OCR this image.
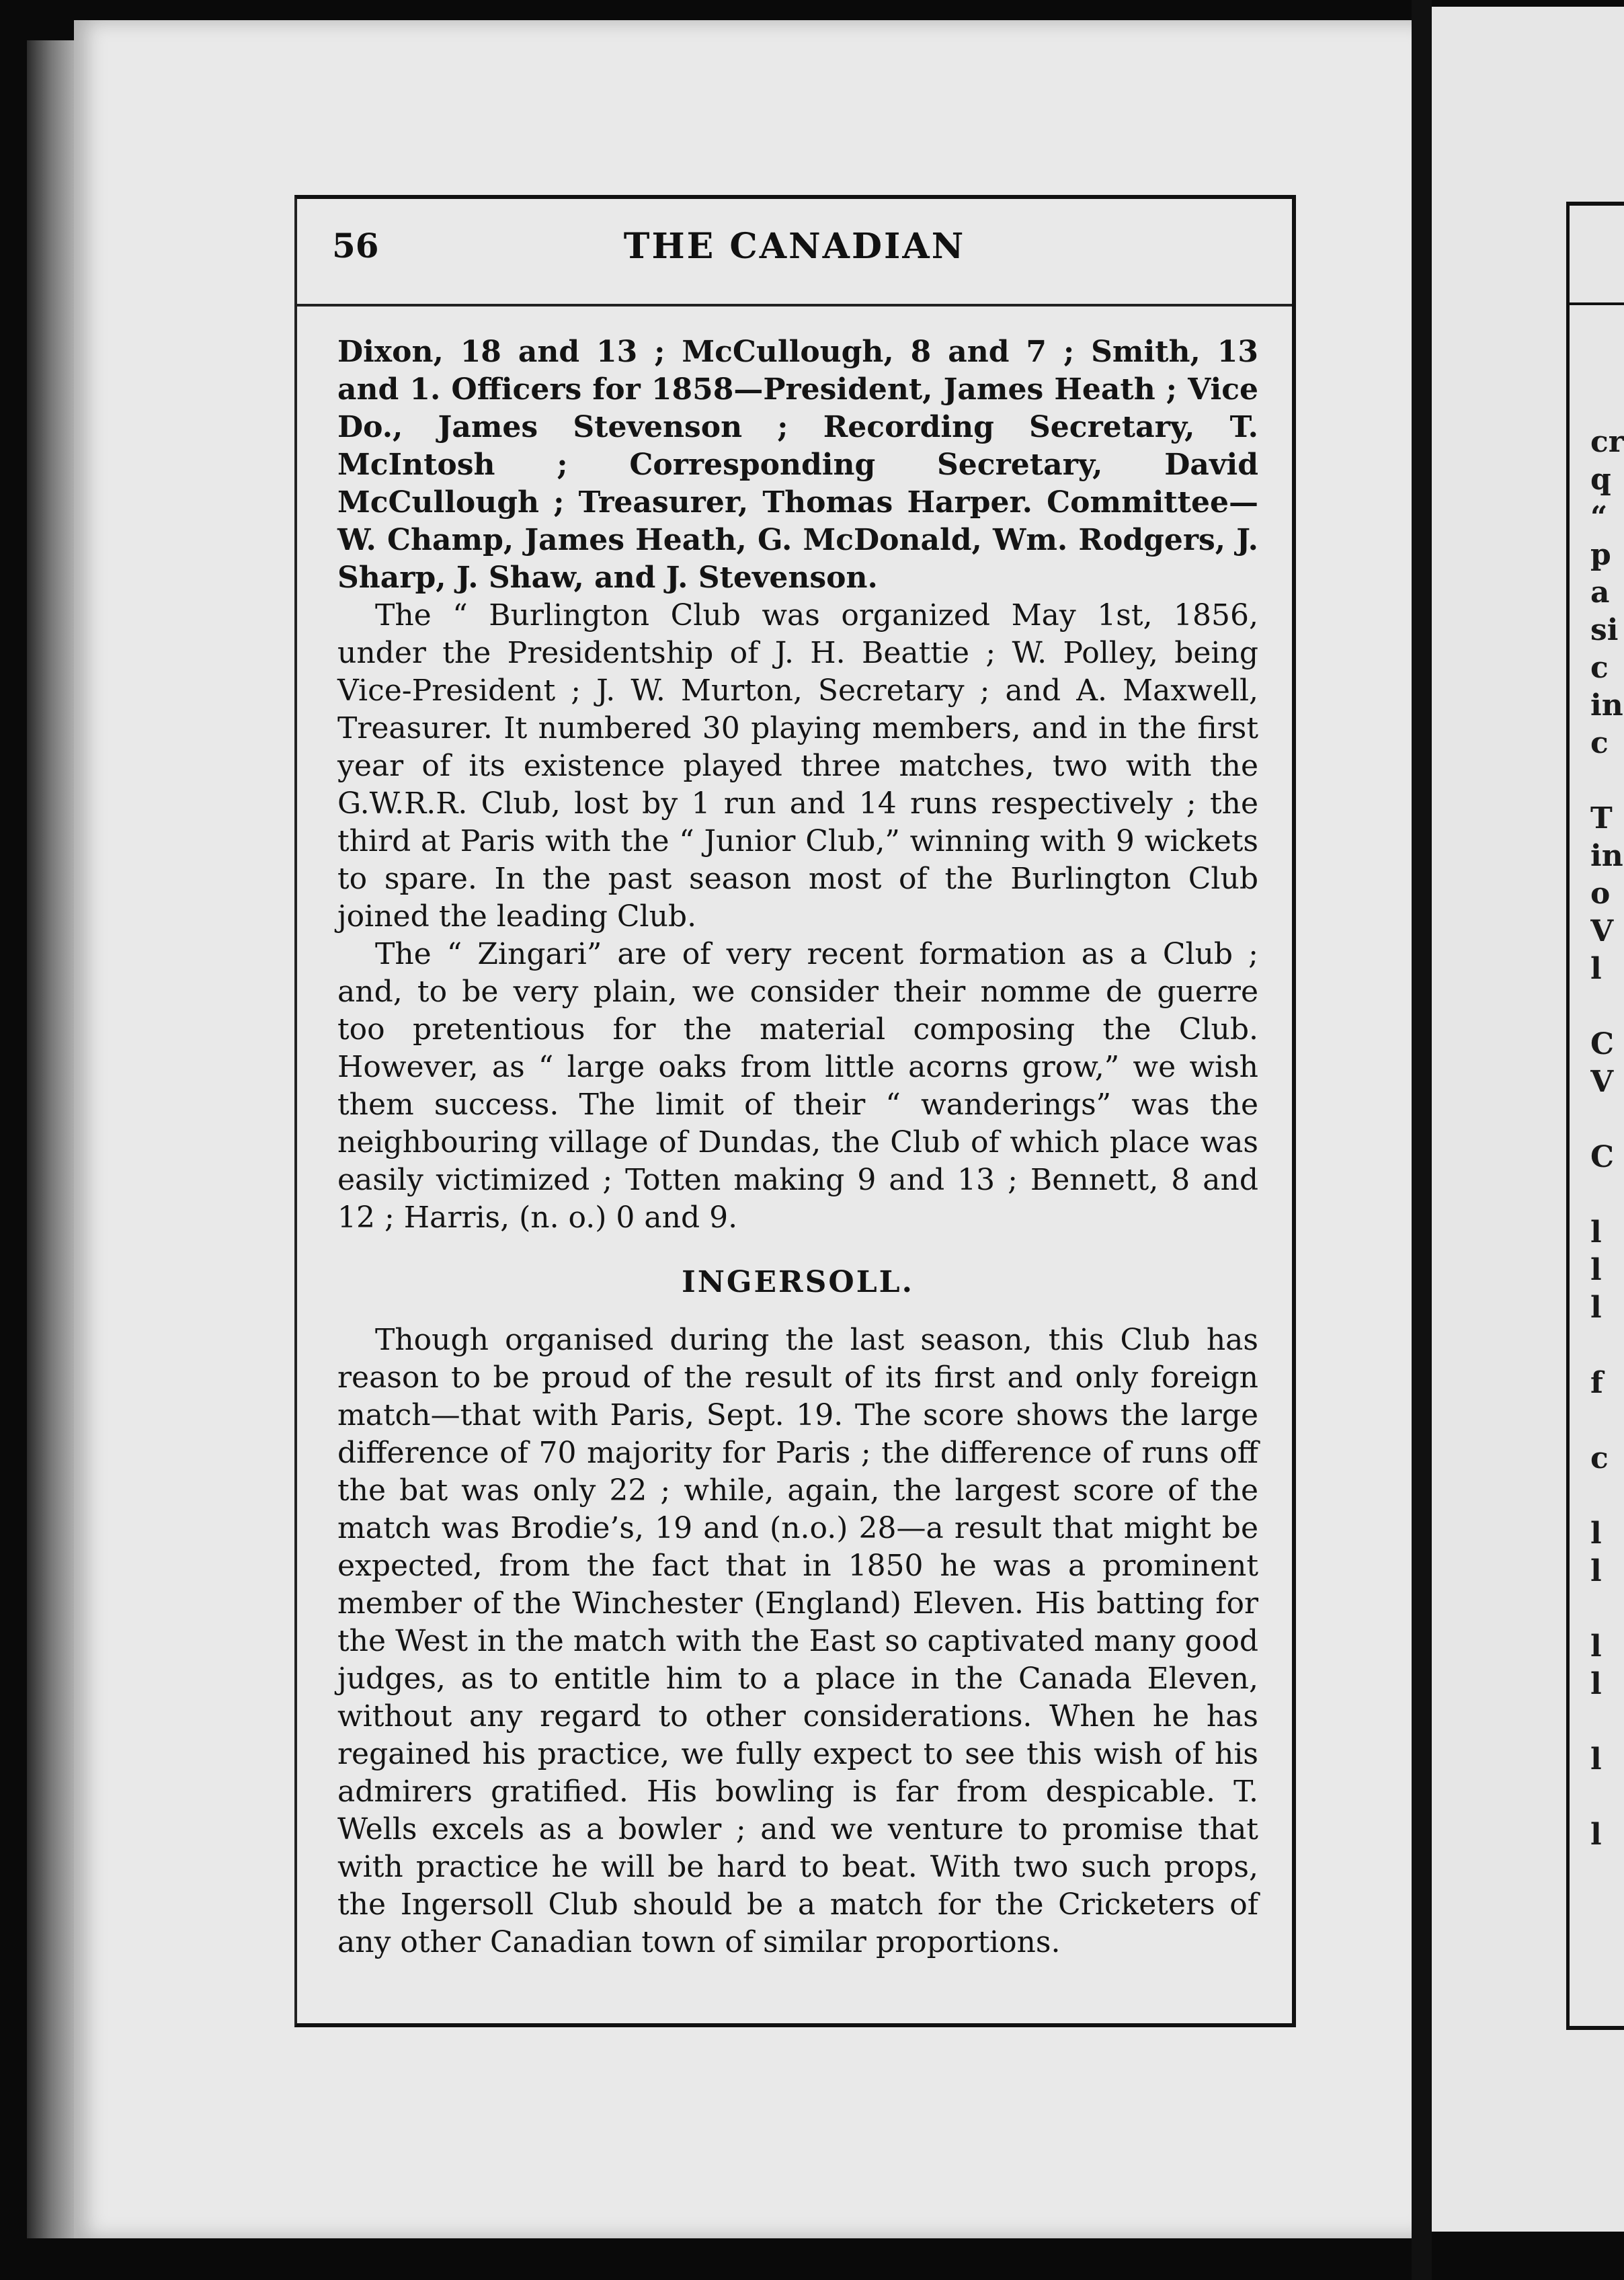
cr
q
“
p
a
si
c
in
c

T
in
o
V
l

C
V

C

l
l
l

f

c

l
l

l
l

l

l
56	THE CANADIAN

Dixon, 18 and 13 ; McCullough, 8 and 7 ; Smith, 13 and 1. Officers for 1858—President, James Heath ; Vice Do., James Stevenson ; Recording Secretary, T. McIntosh ; Corresponding Secretary, David McCullough ; Treasurer, Thomas Harper. Committee—W. Champ, James Heath, G. McDonald, Wm. Rodgers, J. Sharp, J. Shaw, and J. Stevenson.

The “ Burlington Club was organized May 1st, 1856, under the Presidentship of J. H. Beattie ; W. Polley, being Vice-President ; J. W. Murton, Secretary ; and A. Maxwell, Treasurer. It numbered 30 playing members, and in the first year of its existence played three matches, two with the G.W.R.R. Club, lost by 1 run and 14 runs respectively ; the third at Paris with the “ Junior Club,” winning with 9 wickets to spare. In the past season most of the Burlington Club joined the leading Club.

The “ Zingari” are of very recent formation as a Club ; and, to be very plain, we consider their nomme de guerre too pretentious for the material composing the Club. However, as “ large oaks from little acorns grow,” we wish them success. The limit of their “ wanderings” was the neighbouring village of Dundas, the Club of which place was easily victimized ; Totten making 9 and 13 ; Bennett, 8 and 12 ; Harris, (n. o.) 0 and 9.

INGERSOLL.

Though organised during the last season, this Club has reason to be proud of the result of its first and only foreign match—that with Paris, Sept. 19. The score shows the large difference of 70 majority for Paris ; the difference of runs off the bat was only 22 ; while, again, the largest score of the match was Brodie’s, 19 and (n.o.) 28—a result that might be expected, from the fact that in 1850 he was a prominent member of the Winchester (England) Eleven. His batting for the West in the match with the East so captivated many good judges, as to entitle him to a place in the Canada Eleven, without any regard to other considerations. When he has regained his practice, we fully expect to see this wish of his admirers gratified. His bowling is far from despicable. T. Wells excels as a bowler ; and we venture to promise that with practice he will be hard to beat. With two such props, the Ingersoll Club should be a match for the Cricketers of any other Canadian town of similar proportions.
